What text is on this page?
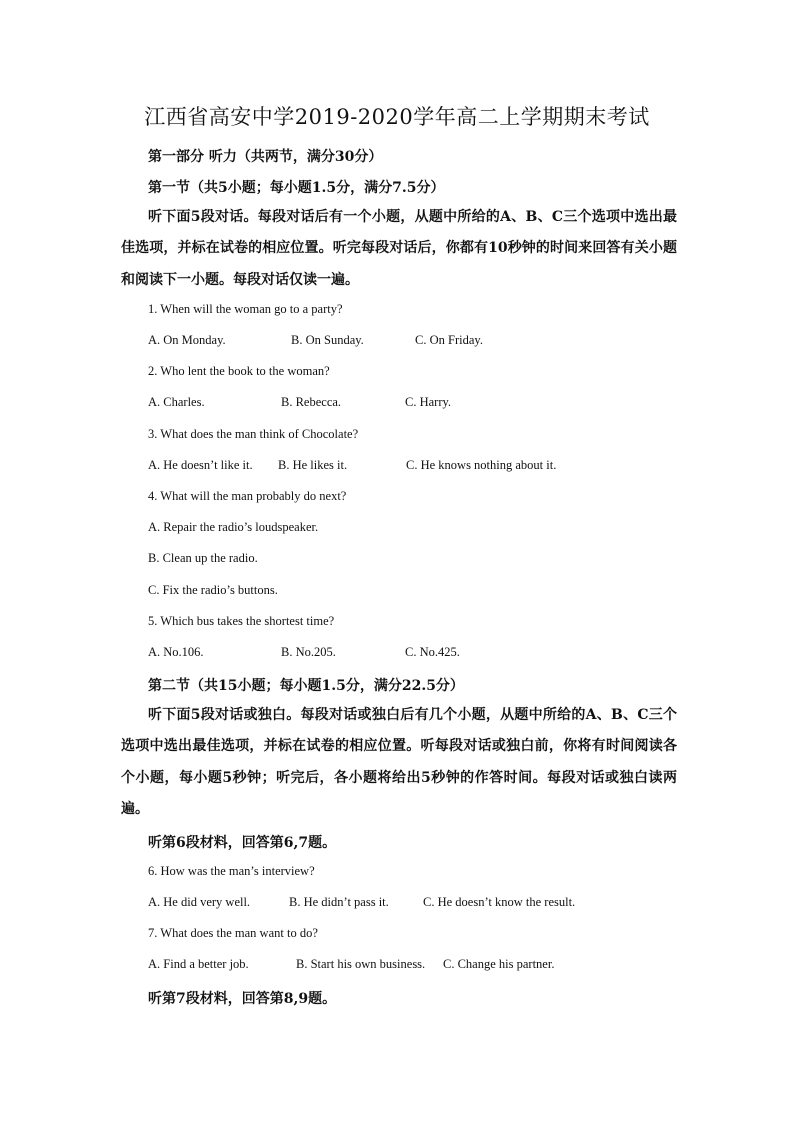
江西省高安中学2019-2020学年高二上学期期末考试
第一部分 听力（共两节，满分30分）
第一节（共5小题；每小题1.5分，满分7.5分）
听下面5段对话。每段对话后有一个小题，从题中所给的A、B、C三个选项中选出最佳选项，并标在试卷的相应位置。听完每段对话后，你都有10秒钟的时间来回答有关小题和阅读下一小题。每段对话仅读一遍。
1. When will the woman go to a party?
A. On Monday.	B. On Sunday.	C. On Friday.
2. Who lent the book to the woman?
A. Charles.	B. Rebecca.	C. Harry.
3. What does the man think of Chocolate?
A. He doesn’t like it. B. He likes it.	C. He knows nothing about it.
4. What will the man probably do next?
A. Repair the radio’s loudspeaker.
B. Clean up the radio.
C. Fix the radio’s buttons.
5. Which bus takes the shortest time?
A. No.106.	B. No.205.	C. No.425.
第二节（共15小题；每小题1.5分，满分22.5分）
听下面5段对话或独白。每段对话或独白后有几个小题，从题中所给的A、B、C三个选项中选出最佳选项，并标在试卷的相应位置。听每段对话或独白前，你将有时间阅读各个小题，每小题5秒钟；听完后，各小题将给出5秒钟的作答时间。每段对话或独白读两遍。
听第6段材料，回答第6,7题。
6. How was the man’s interview?
A. He did very well.	B. He didn’t pass it.	C. He doesn’t know the result.
7. What does the man want to do?
A. Find a better job.	B. Start his own business. C. Change his partner.
听第7段材料，回答第8,9题。
